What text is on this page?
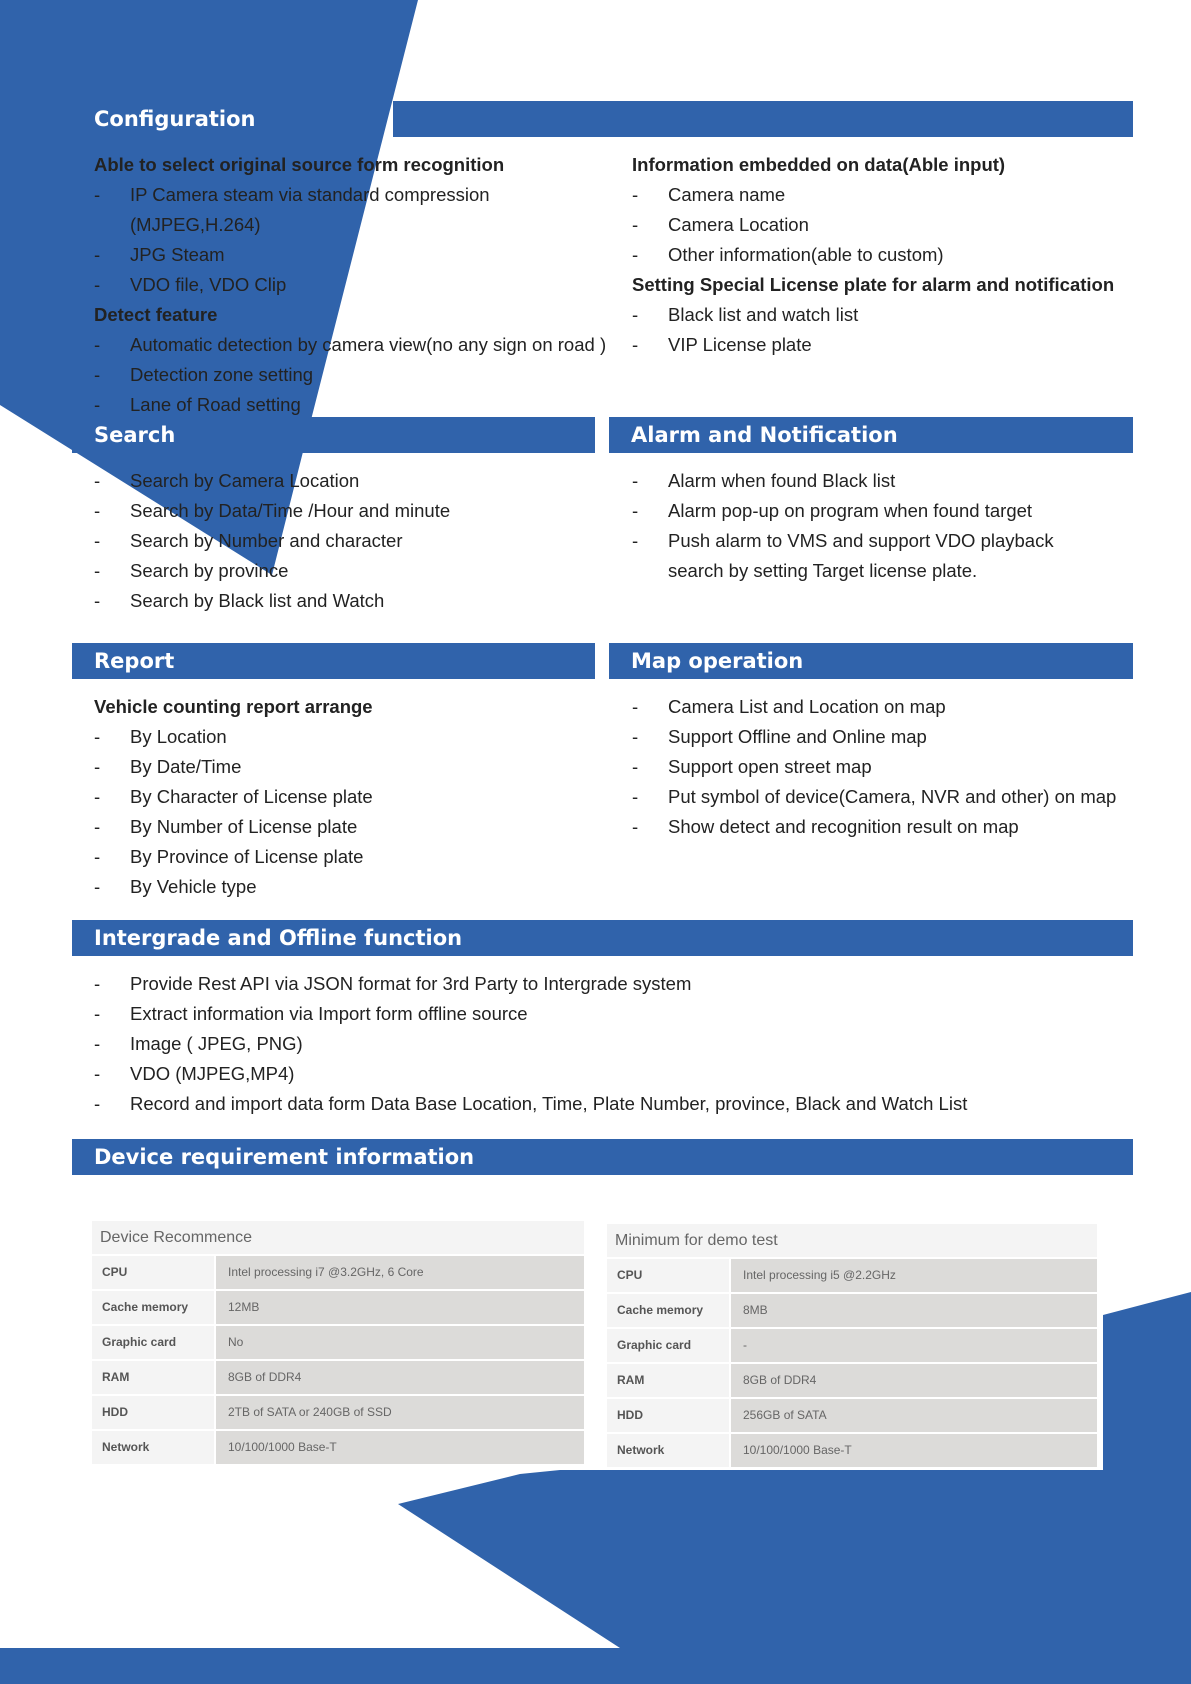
Configuration
Able to select original source form recognition
-	IP Camera steam via standard compression (MJPEG,H.264)
-	JPG Steam
-	VDO file, VDO Clip
Detect feature
-	Automatic detection by camera view(no any sign on road )
-	Detection zone setting
-	Lane of Road setting
Information embedded on data(Able input)
-	Camera name
-	Camera Location
-	Other information(able to custom)
Setting Special License plate for alarm and notification
-	Black list and watch list
-	VIP License plate
Search
-	Search by Camera Location
-	Search by Data/Time /Hour and minute
-	Search by Number and character
-	Search by province
-	Search by Black list and Watch
Alarm and Notification
-	Alarm when found Black list
-	Alarm pop-up on program when found target
-	Push alarm to VMS and support VDO playback
search by setting Target license plate.
Report
Vehicle counting report arrange
-	By Location
-	By Date/Time
-	By Character of License plate
-	By Number of License plate
-	By Province of License plate
-	By Vehicle type
Map operation
-	Camera List and Location on map
-	Support Offline and Online map
-	Support open street map
-	Put symbol of device(Camera, NVR and other) on map
-	Show detect and recognition result on map
Intergrade and Offline function
-	Provide Rest API via JSON format for 3rd Party to Intergrade system
-	Extract information via Import form offline source
-	Image ( JPEG, PNG)
-	VDO (MJPEG,MP4)
-	Record and import data form Data Base Location, Time, Plate Number, province, Black and Watch List
Device requirement information
Device Recommence
CPU	Intel processing i7 @3.2GHz, 6 Core
Cache memory	12MB
Graphic card	No
RAM	8GB of DDR4
HDD	2TB of SATA or 240GB of SSD
Network	10/100/1000 Base-T
Minimum for demo test
CPU	Intel processing i5 @2.2GHz
Cache memory	8MB
Graphic card	-
RAM	8GB of DDR4
HDD	256GB of SATA
Network	10/100/1000 Base-T
